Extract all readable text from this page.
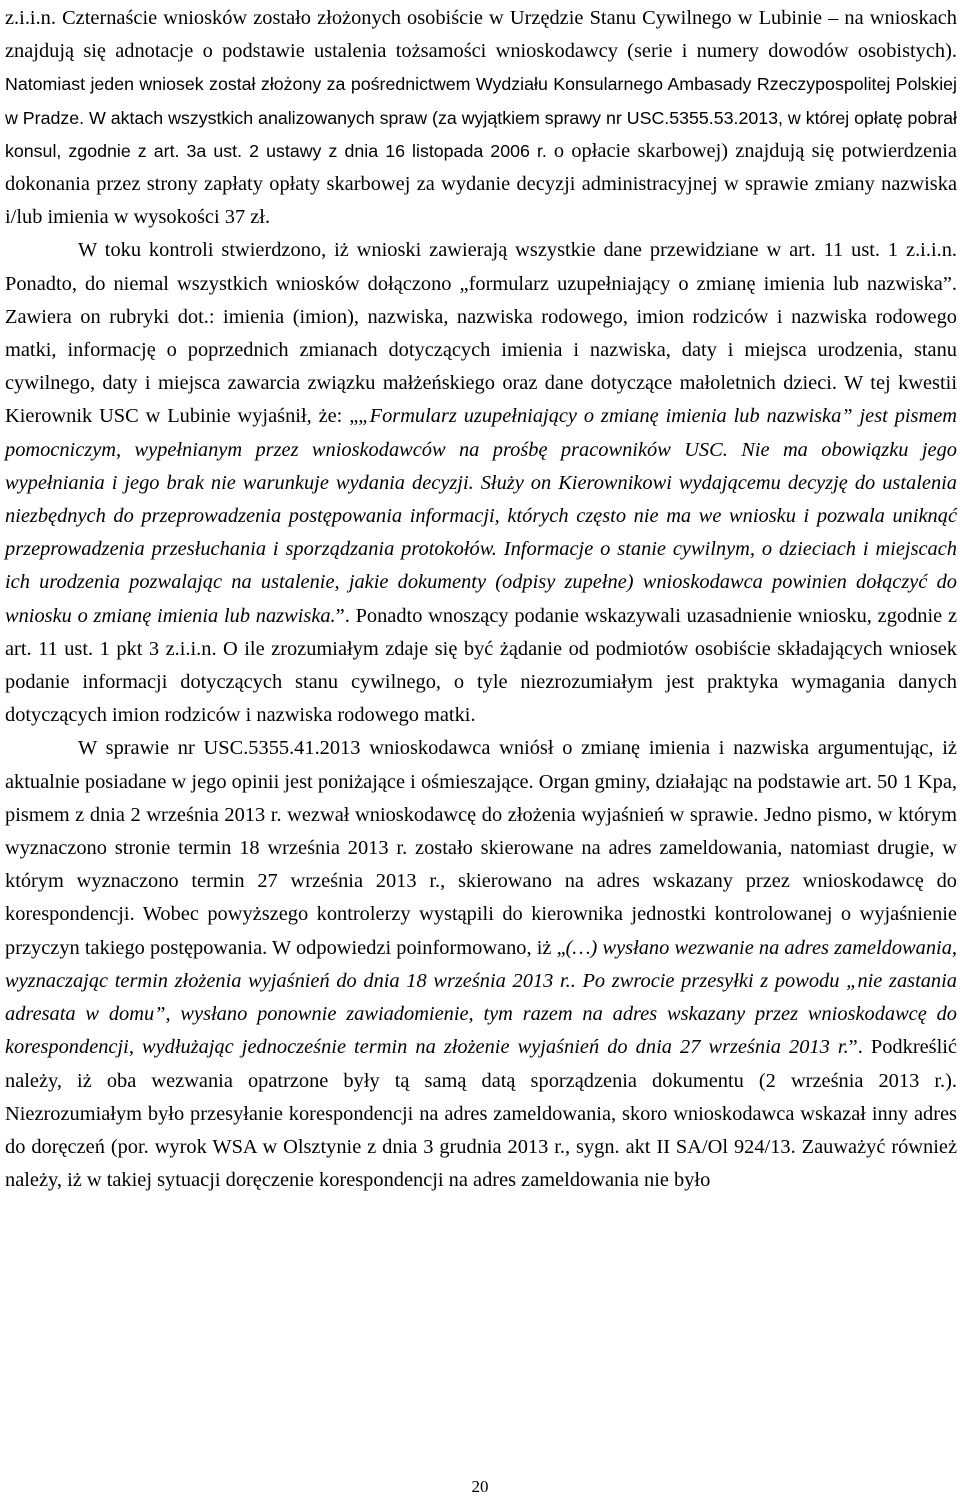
z.i.i.n. Czternaście wniosków zostało złożonych osobiście w Urzędzie Stanu Cywilnego w Lubinie – na wnioskach znajdują się adnotacje o podstawie ustalenia tożsamości wnioskodawcy (serie i numery dowodów osobistych). Natomiast jeden wniosek został złożony za pośrednictwem Wydziału Konsularnego Ambasady Rzeczypospolitej Polskiej w Pradze. W aktach wszystkich analizowanych spraw (za wyjątkiem sprawy nr USC.5355.53.2013, w której opłatę pobrał konsul, zgodnie z art. 3a ust. 2 ustawy z dnia 16 listopada 2006 r. o opłacie skarbowej) znajdują się potwierdzenia dokonania przez strony zapłaty opłaty skarbowej za wydanie decyzji administracyjnej w sprawie zmiany nazwiska i/lub imienia w wysokości 37 zł.

W toku kontroli stwierdzono, iż wnioski zawierają wszystkie dane przewidziane w art. 11 ust. 1 z.i.i.n. Ponadto, do niemal wszystkich wniosków dołączono „formularz uzupełniający o zmianę imienia lub nazwiska”. Zawiera on rubryki dot.: imienia (imion), nazwiska, nazwiska rodowego, imion rodziców i nazwiska rodowego matki, informację o poprzednich zmianach dotyczących imienia i nazwiska, daty i miejsca urodzenia, stanu cywilnego, daty i miejsca zawarcia związku małżeńskiego oraz dane dotyczące małoletnich dzieci. W tej kwestii Kierownik USC w Lubinie wyjaśnił, że: „„Formularz uzupełniający o zmianę imienia lub nazwiska” jest pismem pomocniczym, wypełnianym przez wnioskodawców na prośbę pracowników USC. Nie ma obowiązku jego wypełniania i jego brak nie warunkuje wydania decyzji. Służy on Kierownikowi wydającemu decyzję do ustalenia niezbędnych do przeprowadzenia postępowania informacji, których często nie ma we wniosku i pozwala uniknąć przeprowadzenia przesłuchania i sporządzania protokołów. Informacje o stanie cywilnym, o dzieciach i miejscach ich urodzenia pozwalając na ustalenie, jakie dokumenty (odpisy zupełne) wnioskodawca powinien dołączyć do wniosku o zmianę imienia lub nazwiska.”. Ponadto wnoszący podanie wskazywali uzasadnienie wniosku, zgodnie z art. 11 ust. 1 pkt 3 z.i.i.n. O ile zrozumiałym zdaje się być żądanie od podmiotów osobiście składających wniosek podanie informacji dotyczących stanu cywilnego, o tyle niezrozumiałym jest praktyka wymagania danych dotyczących imion rodziców i nazwiska rodowego matki.

W sprawie nr USC.5355.41.2013 wnioskodawca wniósł o zmianę imienia i nazwiska argumentując, iż aktualnie posiadane w jego opinii jest poniżające i ośmieszające. Organ gminy, działając na podstawie art. 50 1 Kpa, pismem z dnia 2 września 2013 r. wezwał wnioskodawcę do złożenia wyjaśnień w sprawie. Jedno pismo, w którym wyznaczono stronie termin 18 września 2013 r. zostało skierowane na adres zameldowania, natomiast drugie, w którym wyznaczono termin 27 września 2013 r., skierowano na adres wskazany przez wnioskodawcę do korespondencji. Wobec powyższego kontrolerzy wystąpili do kierownika jednostki kontrolowanej o wyjaśnienie przyczyn takiego postępowania. W odpowiedzi poinformowano, iż „(…) wysłano wezwanie na adres zameldowania, wyznaczając termin złożenia wyjaśnień do dnia 18 września 2013 r.. Po zwrocie przesyłki z powodu „nie zastania adresata w domu”, wysłano ponownie zawiadomienie, tym razem na adres wskazany przez wnioskodawcę do korespondencji, wydłużając jednocześnie termin na złożenie wyjaśnień do dnia 27 września 2013 r.”. Podkreślić należy, iż oba wezwania opatrzone były tą samą datą sporządzenia dokumentu (2 września 2013 r.). Niezrozumiałym było przesyłanie korespondencji na adres zameldowania, skoro wnioskodawca wskazał inny adres do doręczeń (por. wyrok WSA w Olsztynie z dnia 3 grudnia 2013 r., sygn. akt II SA/Ol 924/13. Zauważyć również należy, iż w takiej sytuacji doręczenie korespondencji na adres zameldowania nie było

20
